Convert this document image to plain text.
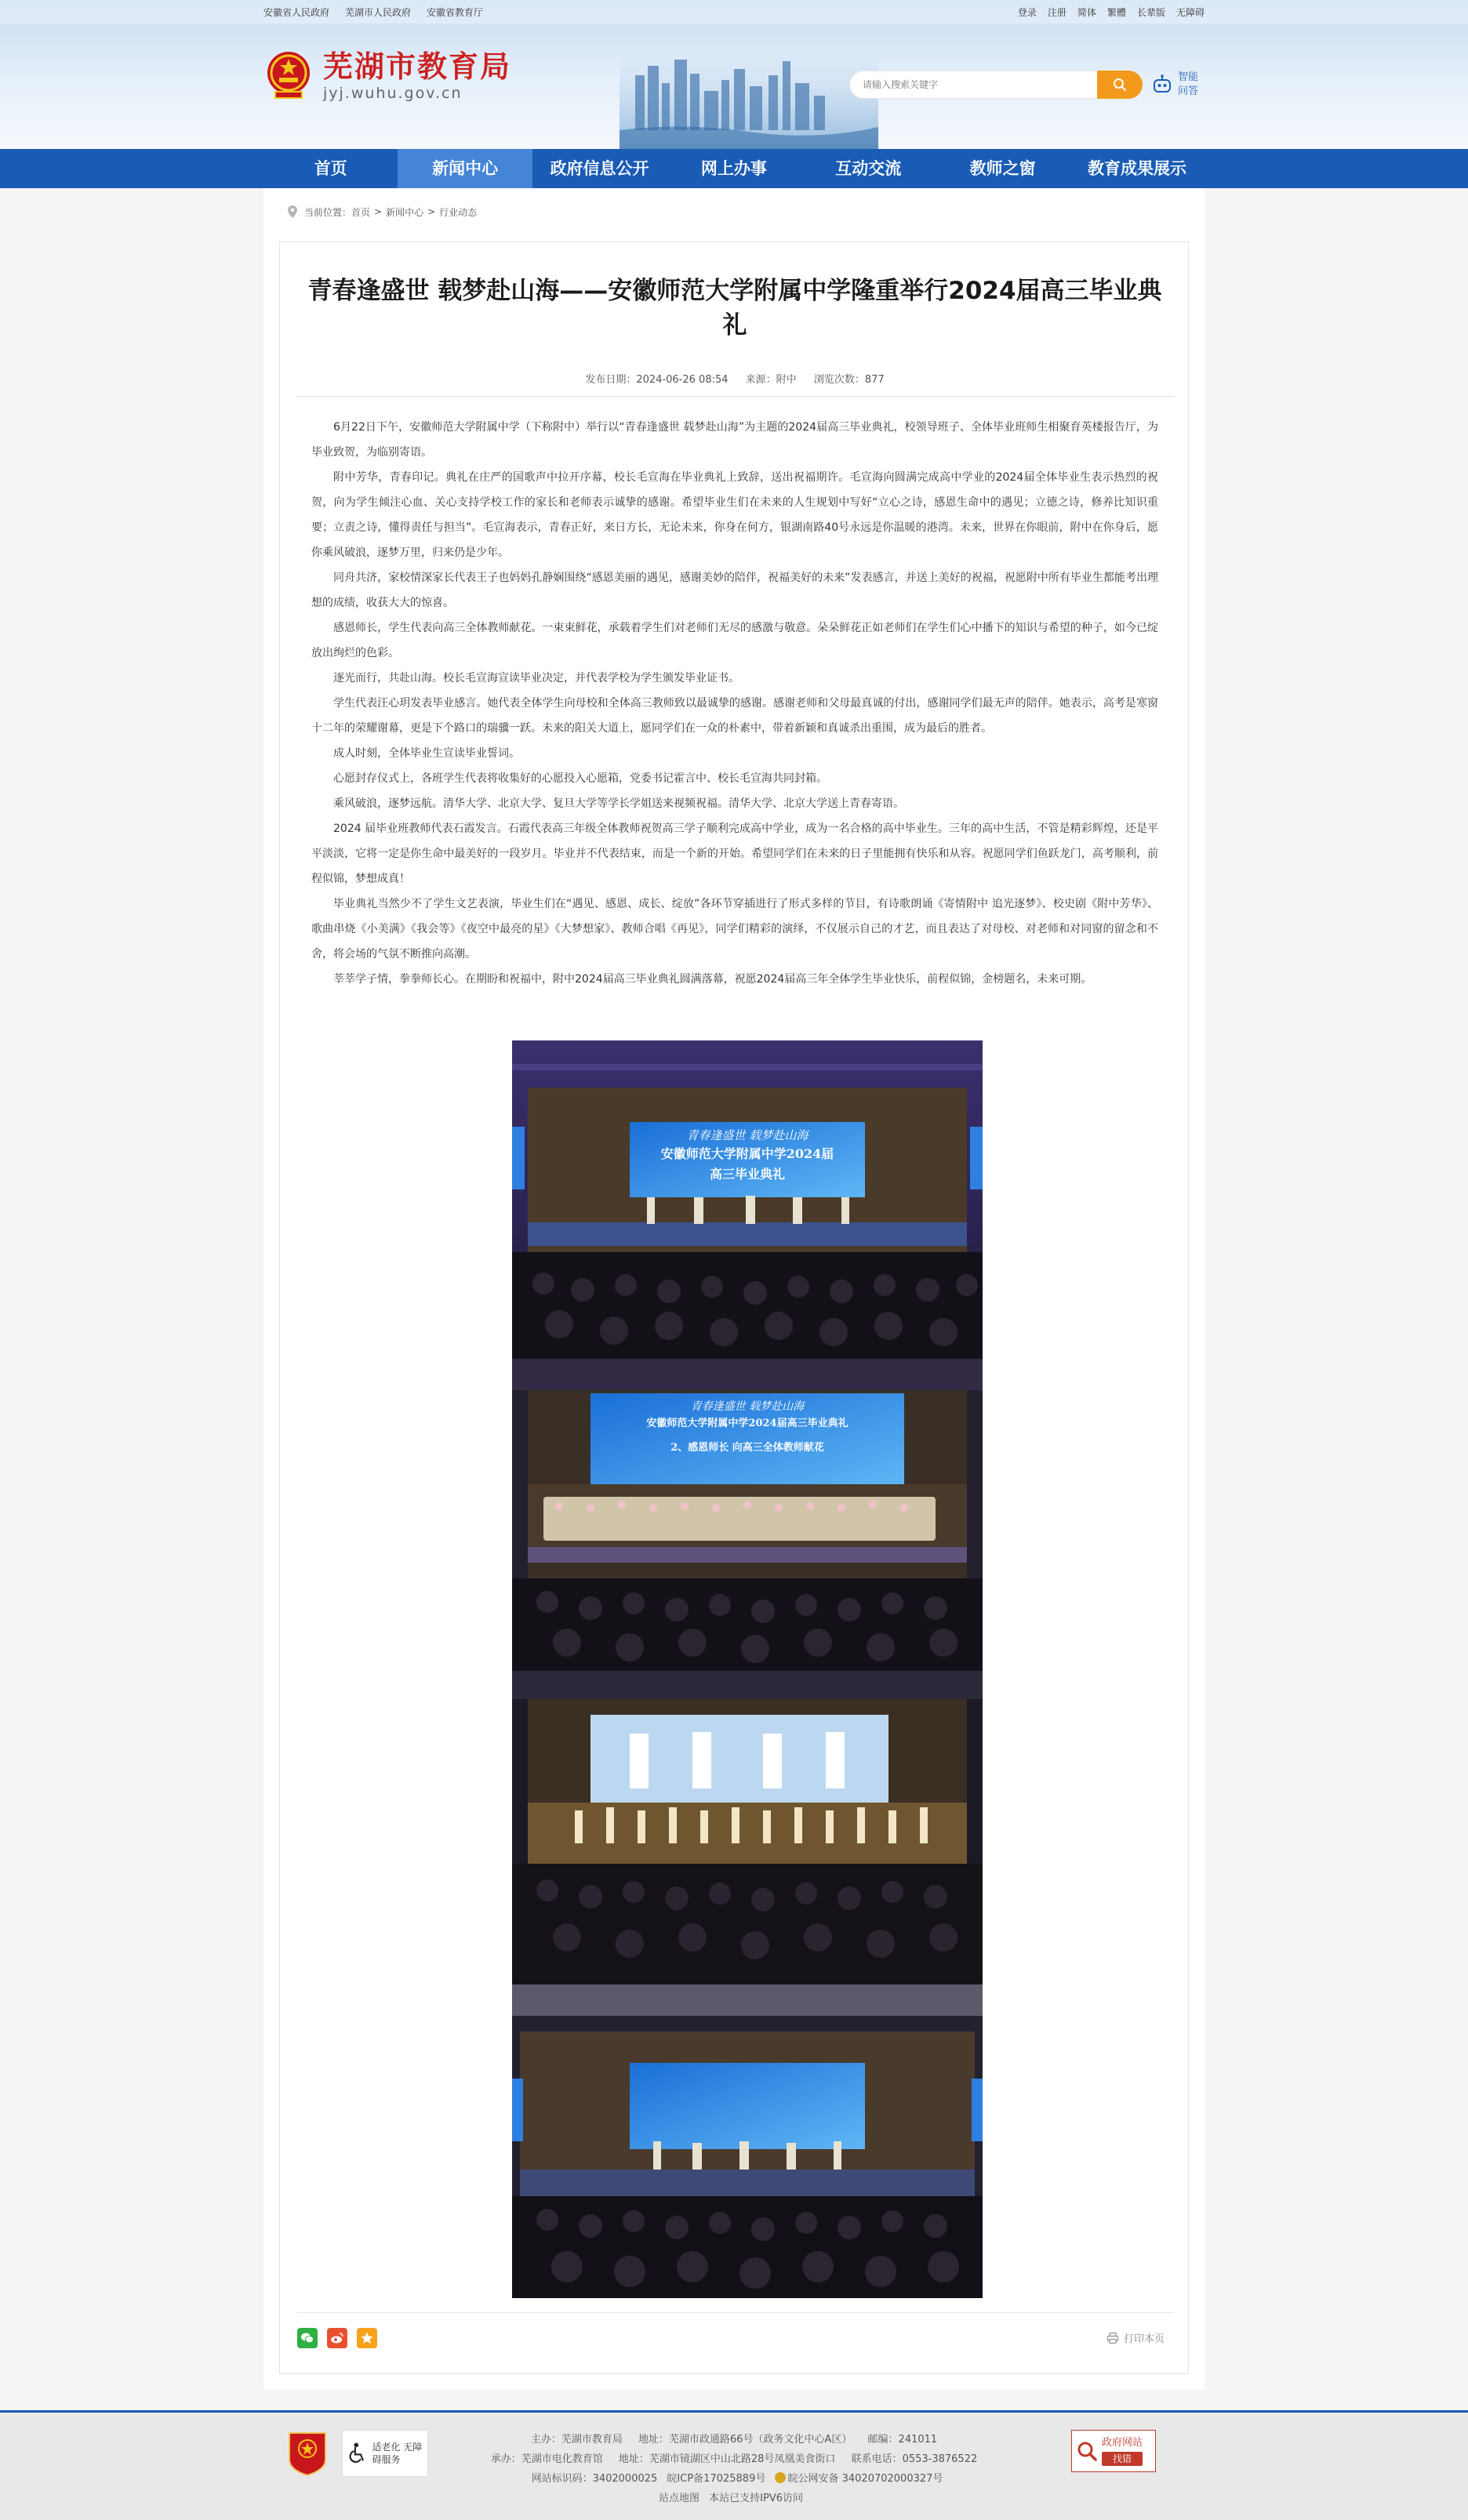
安徽省人民政府 芜湖市人民政府 安徽省教育厅	登录 注册 简体 繁體 长辈版 无障碍
芜湖市教育局
jyj.wuhu.gov.cn
请输入搜索关键字
智能问答
首页	新闻中心	政府信息公开	网上办事	互动交流	教师之窗	教育成果展示
当前位置： 首页 > 新闻中心 > 行业动态
青春逢盛世 载梦赴山海——安徽师范大学附属中学隆重举行2024届高三毕业典礼
发布日期：2024-06-26 08:54 来源：附中 浏览次数：877

6月22日下午，安徽师范大学附属中学（下称附中）举行以“青春逢盛世 载梦赴山海”为主题的2024届高三毕业典礼，校领导班子、全体毕业班师生相聚育英楼报告厅，为毕业致贺，为临别寄语。

附中芳华，青春印记。典礼在庄严的国歌声中拉开序幕，校长毛宣海在毕业典礼上致辞，送出祝福期许。毛宣海向圆满完成高中学业的2024届全体毕业生表示热烈的祝贺，向为学生倾注心血、关心支持学校工作的家长和老师表示诚挚的感谢。希望毕业生们在未来的人生规划中写好“立心之诗，感恩生命中的遇见；立德之诗，修养比知识重要；立责之诗，懂得责任与担当”。毛宣海表示，青春正好，来日方长，无论未来，你身在何方，银湖南路40号永远是你温暖的港湾。未来，世界在你眼前，附中在你身后，愿你乘风破浪，逐梦万里，归来仍是少年。

同舟共济，家校情深家长代表王子也妈妈孔静娴围绕“感恩美丽的遇见，感谢美妙的陪伴，祝福美好的未来”发表感言，并送上美好的祝福，祝愿附中所有毕业生都能考出理想的成绩，收获大大的惊喜。

感恩师长，学生代表向高三全体教师献花。一束束鲜花，承载着学生们对老师们无尽的感激与敬意。朵朵鲜花正如老师们在学生们心中播下的知识与希望的种子，如今已绽放出绚烂的色彩。

逐光而行，共赴山海。校长毛宣海宣读毕业决定，并代表学校为学生颁发毕业证书。

学生代表汪心玥发表毕业感言。她代表全体学生向母校和全体高三教师致以最诚挚的感谢。感谢老师和父母最真诚的付出，感谢同学们最无声的陪伴。她表示，高考是寒窗十二年的荣耀谢幕，更是下个路口的瑞骥一跃。未来的阳关大道上，愿同学们在一众的朴素中，带着新颖和真诚杀出重围，成为最后的胜者。

成人时刻，全体毕业生宣读毕业誓词。

心愿封存仪式上，各班学生代表将收集好的心愿投入心愿箱，党委书记霍言中、校长毛宣海共同封箱。

乘风破浪，逐梦远航。清华大学、北京大学、复旦大学等学长学姐送来视频祝福。清华大学、北京大学送上青春寄语。

2024 届毕业班教师代表石霞发言。石霞代表高三年级全体教师祝贺高三学子顺利完成高中学业，成为一名合格的高中毕业生。三年的高中生活，不管是精彩辉煌，还是平平淡淡，它将一定是你生命中最美好的一段岁月。毕业并不代表结束，而是一个新的开始。希望同学们在未来的日子里能拥有快乐和从容。祝愿同学们鱼跃龙门，高考顺利，前程似锦，梦想成真！

毕业典礼当然少不了学生文艺表演，毕业生们在“遇见、感恩、成长、绽放”各环节穿插进行了形式多样的节目，有诗歌朗诵《寄情附中 追光逐梦》、校史剧《附中芳华》、歌曲串烧《小美满》《我会等》《夜空中最亮的星》《大梦想家》、教师合唱《再见》，同学们精彩的演绎，不仅展示自己的才艺，而且表达了对母校、对老师和对同窗的留念和不舍，将会场的气氛不断推向高潮。

莘莘学子情，拳拳师长心。在期盼和祝福中，附中2024届高三毕业典礼圆满落幕，祝愿2024届高三年全体学生毕业快乐，前程似锦，金榜题名，未来可期。

青春逢盛世 载梦赴山海
安徽师范大学附属中学2024届
高三毕业典礼
青春逢盛世 载梦赴山海
安徽师范大学附属中学2024届高三毕业典礼
2、感恩师长 向高三全体教师献花
打印本页
适老化 无障碍服务
主办：芜湖市教育局 地址：芜湖市政通路66号（政务文化中心A区） 邮编：241011
承办：芜湖市电化教育馆 地址：芜湖市镜湖区中山北路28号凤凰美食街口 联系电话：0553-3876522
网站标识码：3402000025 皖ICP备17025889号 皖公网安备 34020702000327号
站点地图 本站已支持IPV6访问
政府网站
找错
